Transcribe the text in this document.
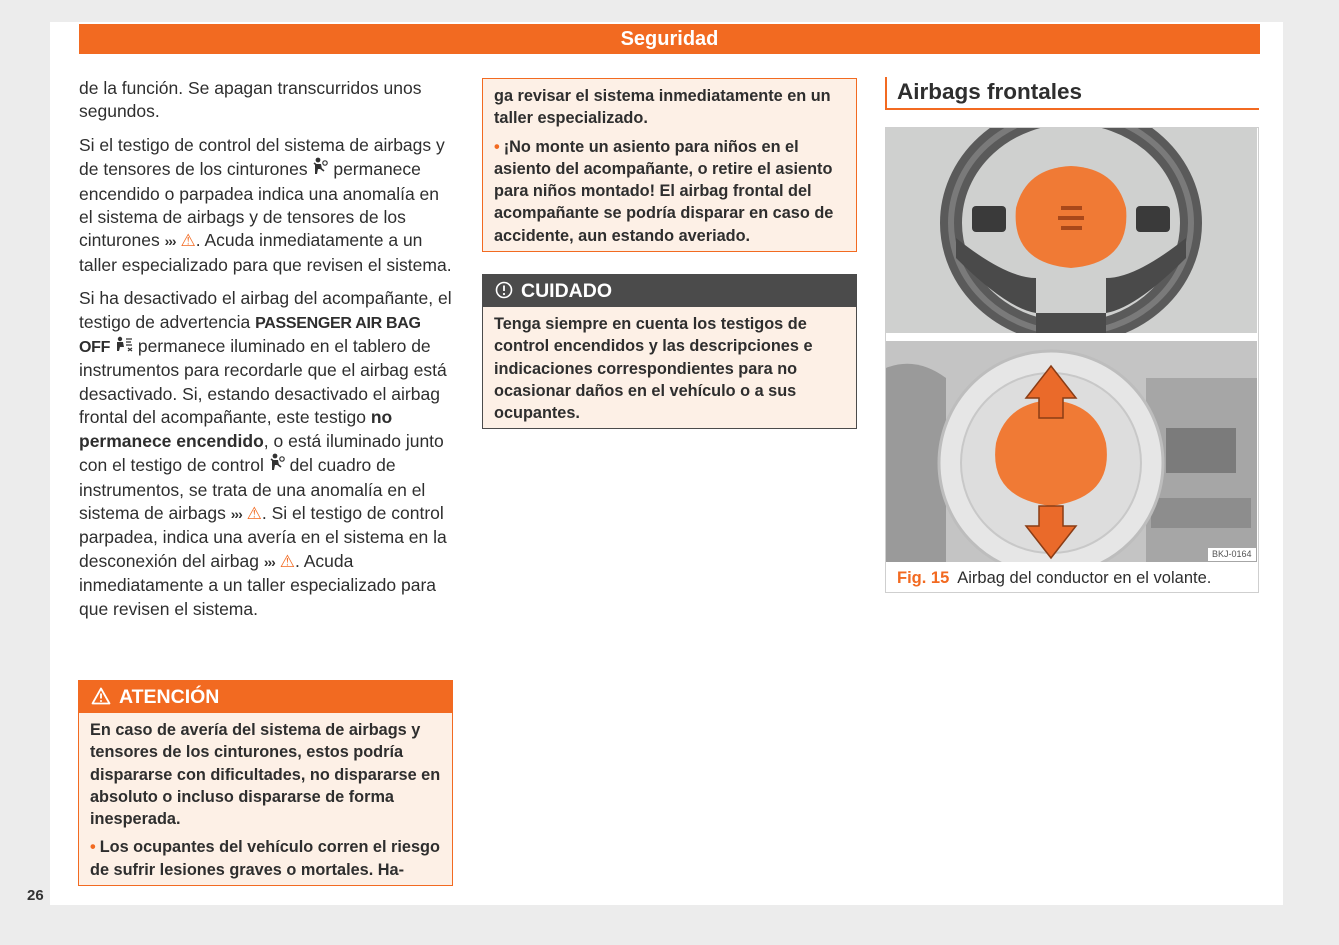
Seguridad
26

de la función. Se apagan transcurridos unos segundos.

Si el testigo de control del sistema de airbags y de tensores de los cinturones  permanece encendido o parpadea indica una anomalía en el sistema de airbags y de tensores de los cinturones ››› ⚠. Acuda inmediatamente a un taller especializado para que revisen el sistema.

Si ha desactivado el airbag del acompañante, el testigo de advertencia PASSENGER AIR BAG OFF  permanece iluminado en el tablero de instrumentos para recordarle que el airbag está desactivado. Si, estando desactivado el airbag frontal del acompañante, este testigo no permanece encendido, o está iluminado junto con el testigo de control  del cuadro de instrumentos, se trata de una anomalía en el sistema de airbags ››› ⚠. Si el testigo de control parpadea, indica una avería en el sistema en la desconexión del airbag ››› ⚠. Acuda inmediatamente a un taller especializado para que revisen el sistema.

ATENCIÓN

En caso de avería del sistema de airbags y tensores de los cinturones, estos podría dispararse con dificultades, no dispararse en absoluto o incluso dispararse de forma inesperada.

• Los ocupantes del vehículo corren el riesgo de sufrir lesiones graves o mortales. Ha-

ga revisar el sistema inmediatamente en un taller especializado.

• ¡No monte un asiento para niños en el asiento del acompañante, o retire el asiento para niños montado! El airbag frontal del acompañante se podría disparar en caso de accidente, aun estando averiado.

CUIDADO

Tenga siempre en cuenta los testigos de control encendidos y las descripciones e indicaciones correspondientes para no ocasionar daños en el vehículo o a sus ocupantes.

Airbags frontales
BKJ-0164
Fig. 15 Airbag del conductor en el volante.
